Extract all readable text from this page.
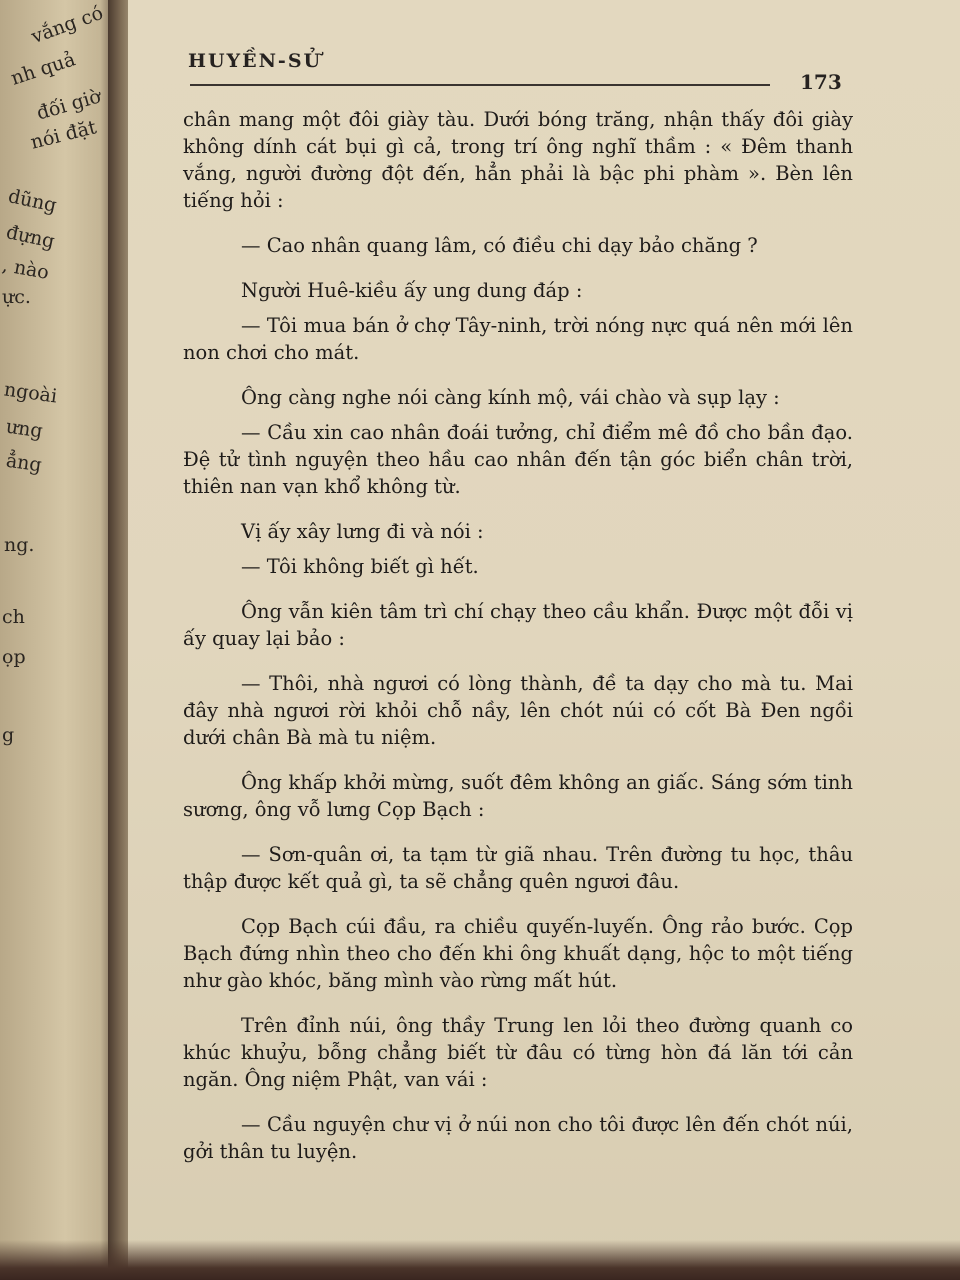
vắng có
nh quả
đối giờ
nói đặt
dũng
đựng
, nào
ực.
ngoài
ưng
ẳng
ng.
ch
ọp
g
HUYỀN-SỬ
173

chân mang một đôi giày tàu. Dưới bóng trăng, nhận thấy đôi giày không dính cát bụi gì cả, trong trí ông nghĩ thầm : « Đêm thanh vắng, người đường đột đến, hẳn phải là bậc phi phàm ». Bèn lên tiếng hỏi :

— Cao nhân quang lâm, có điều chi dạy bảo chăng ?

Người Huê-kiều ấy ung dung đáp :

— Tôi mua bán ở chợ Tây-ninh, trời nóng nực quá nên mới lên non chơi cho mát.

Ông càng nghe nói càng kính mộ, vái chào và sụp lạy :

— Cầu xin cao nhân đoái tưởng, chỉ điểm mê đồ cho bần đạo. Đệ tử tình nguyện theo hầu cao nhân đến tận góc biển chân trời, thiên nan vạn khổ không từ.

Vị ấy xây lưng đi và nói :

— Tôi không biết gì hết.

Ông vẫn kiên tâm trì chí chạy theo cầu khẩn. Được một đỗi vị ấy quay lại bảo :

— Thôi, nhà ngươi có lòng thành, đề ta dạy cho mà tu. Mai đây nhà ngươi rời khỏi chỗ nầy, lên chót núi có cốt Bà Đen ngồi dưới chân Bà mà tu niệm.

Ông khấp khởi mừng, suốt đêm không an giấc. Sáng sớm tinh sương, ông vỗ lưng Cọp Bạch :

— Sơn-quân ơi, ta tạm từ giã nhau. Trên đường tu học, thâu thập được kết quả gì, ta sẽ chẳng quên ngươi đâu.

Cọp Bạch cúi đầu, ra chiều quyến-luyến. Ông rảo bước. Cọp Bạch đứng nhìn theo cho đến khi ông khuất dạng, hộc to một tiếng như gào khóc, băng mình vào rừng mất hút.

Trên đỉnh núi, ông thầy Trung len lỏi theo đường quanh co khúc khuỷu, bỗng chẳng biết từ đâu có từng hòn đá lăn tới cản ngăn. Ông niệm Phật, van vái :

— Cầu nguyện chư vị ở núi non cho tôi được lên đến chót núi, gởi thân tu luyện.
